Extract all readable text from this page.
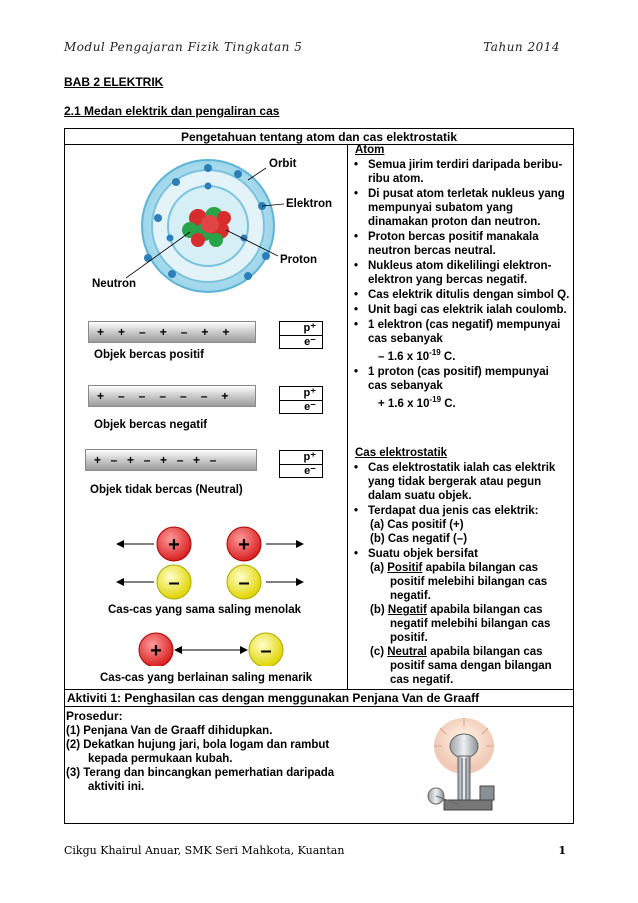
Modul Pengajaran Fizik Tingkatan 5	Tahun 2014
BAB 2 ELEKTRIK
2.1 Medan elektrik dan pengaliran cas
Pengetahuan tentang atom dan cas elektrostatik
Orbit
Elektron
Proton
Neutron
+   +   –   +   –   +   +	p⁺
e⁻
Objek bercas positif
+   –   –   –   –   –   +	p⁺
e⁻
Objek bercas negatif
+  –  +  –  +  –  +  –	p⁺
e⁻
Objek tidak bercas (Neutral)
+	+
–	–
+	–
Cas-cas yang sama saling menolak
Cas-cas yang berlainan saling menarik
Atom
• Semua jirim terdiri daripada beribu-ribu atom.
• Di pusat atom terletak nukleus yang mempunyai subatom yang dinamakan proton dan neutron.
• Proton bercas positif manakala neutron bercas neutral.
• Nukleus atom dikelilingi elektron-elektron yang bercas negatif.
• Cas elektrik ditulis dengan simbol Q.
• Unit bagi cas elektrik ialah coulomb.
• 1 elektron (cas negatif) mempunyai cas sebanyak
– 1.6 x $10^{-19}$ C.
• 1 proton (cas positif) mempunyai cas sebanyak
+ 1.6 x $10^{-19}$ C.
Cas elektrostatik
• Cas elektrostatik ialah cas elektrik yang tidak bergerak atau pegun dalam suatu objek.
• Terdapat dua jenis cas elektrik:
(a) Cas positif (+)
(b) Cas negatif (–)
• Suatu objek bersifat
(a) Positif apabila bilangan cas positif melebihi bilangan cas negatif.
(b) Negatif apabila bilangan cas negatif melebihi bilangan cas positif.
(c) Neutral apabila bilangan cas positif sama dengan bilangan cas negatif.
Aktiviti 1: Penghasilan cas dengan menggunakan Penjana Van de Graaff
Prosedur:
(1) Penjana Van de Graaff dihidupkan.
(2) Dekatkan hujung jari, bola logam dan rambut kepada permukaan kubah.
(3) Terang dan bincangkan pemerhatian daripada aktiviti ini.
Cikgu Khairul Anuar, SMK Seri Mahkota, Kuantan	1
